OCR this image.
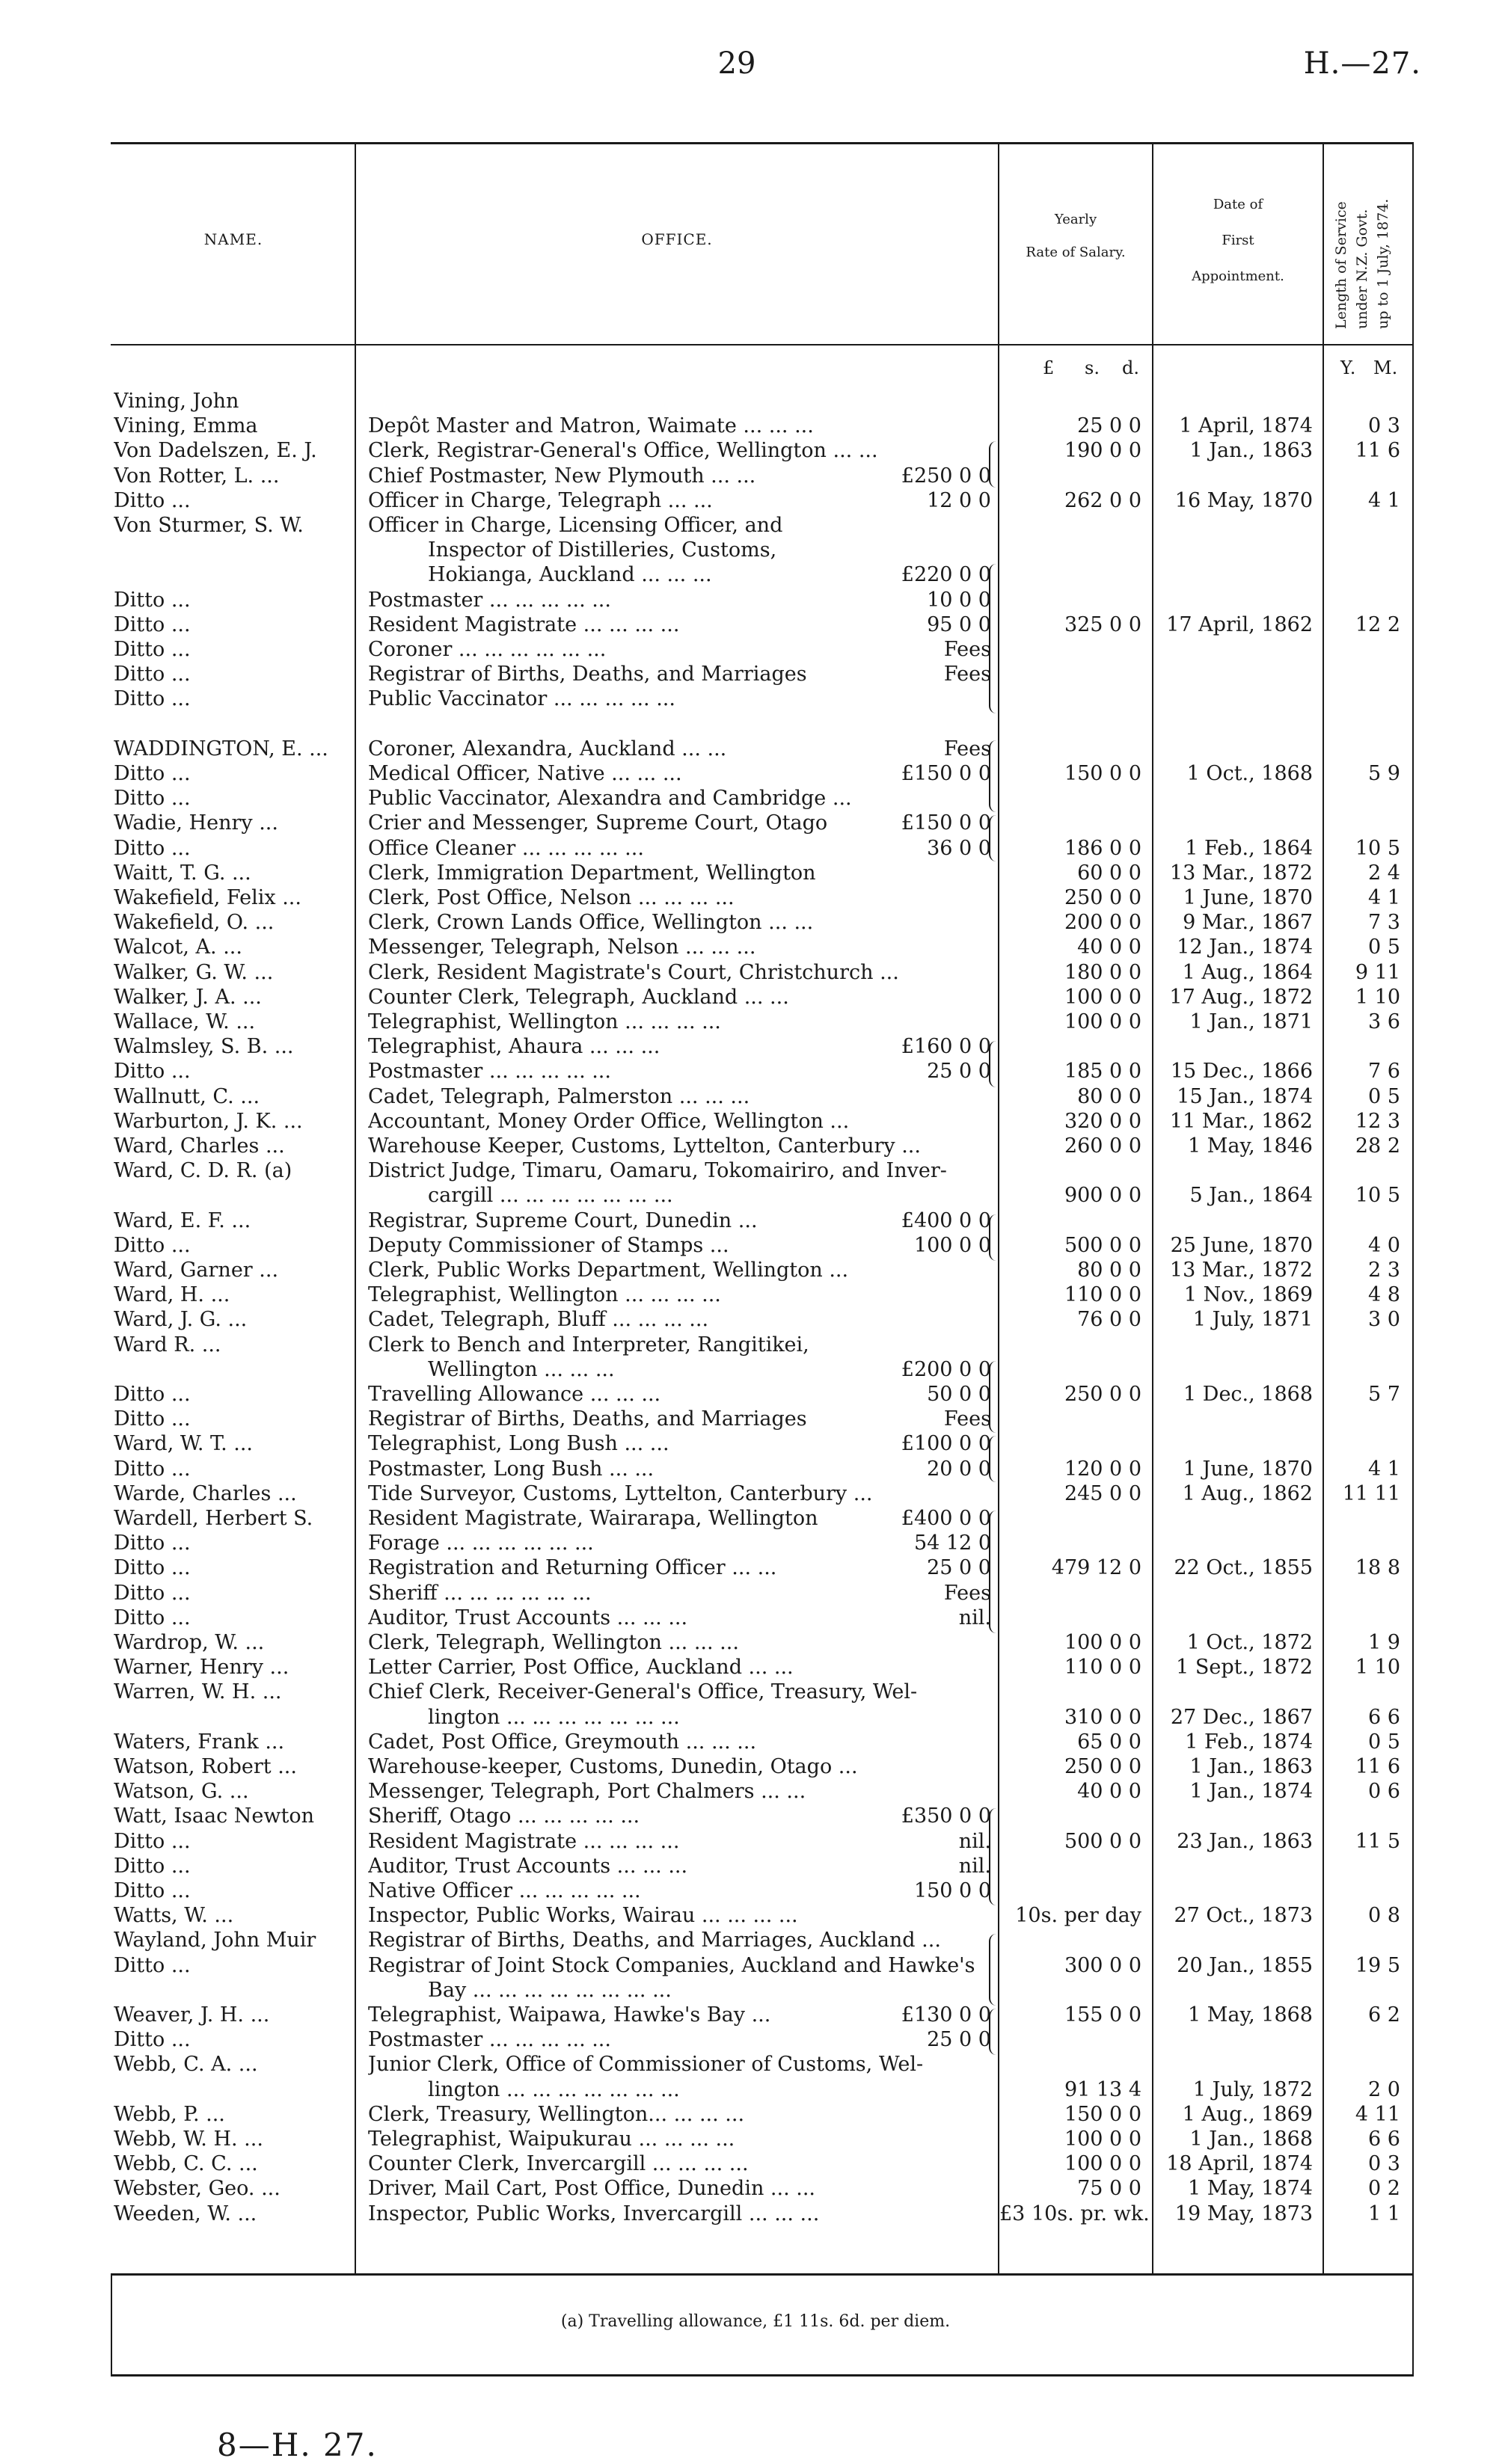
29	H.—27.
NAME.	OFFICE.
Yearly
Rate of Salary.
Date of
First
Appointment.	Length of Service under N.Z. Govt. up to 1 July, 1874.
£ s. d.	Y. M.
Vining, John
Vining, Emma	Depôt Master and Matron, Waimate ... ... ...	25 0 0	1 April, 1874	0 3
Von Dadelszen, E. J.	Clerk, Registrar-General's Office, Wellington ... ...	190 0 0	1 Jan., 1863	11 6
Von Rotter, L. ...	Chief Postmaster, New Plymouth ... ...	£250 0 0
Ditto ...	Officer in Charge, Telegraph ... ...	12 0 0	262 0 0	16 May, 1870	4 1
Von Sturmer, S. W.	Officer in Charge, Licensing Officer, and
Inspector of Distilleries, Customs,
Hokianga, Auckland ... ... ...	£220 0 0
Ditto ...	Postmaster ... ... ... ... ...	10 0 0
Ditto ...	Resident Magistrate ... ... ... ...	95 0 0	325 0 0	17 April, 1862	12 2
Ditto ...	Coroner ... ... ... ... ... ...	Fees
Ditto ...	Registrar of Births, Deaths, and Marriages	Fees
Ditto ...	Public Vaccinator ... ... ... ... ...
WADDINGTON, E. ...	Coroner, Alexandra, Auckland ... ...	Fees
Ditto ...	Medical Officer, Native ... ... ...	£150 0 0	150 0 0	1 Oct., 1868	5 9
Ditto ...	Public Vaccinator, Alexandra and Cambridge ...
Wadie, Henry ...	Crier and Messenger, Supreme Court, Otago	£150 0 0
Ditto ...	Office Cleaner ... ... ... ... ...	36 0 0	186 0 0	1 Feb., 1864	10 5
Waitt, T. G. ...	Clerk, Immigration Department, Wellington	60 0 0	13 Mar., 1872	2 4
Wakefield, Felix ...	Clerk, Post Office, Nelson ... ... ... ...	250 0 0	1 June, 1870	4 1
Wakefield, O. ...	Clerk, Crown Lands Office, Wellington ... ...	200 0 0	9 Mar., 1867	7 3
Walcot, A. ...	Messenger, Telegraph, Nelson ... ... ...	40 0 0	12 Jan., 1874	0 5
Walker, G. W. ...	Clerk, Resident Magistrate's Court, Christchurch ...	180 0 0	1 Aug., 1864	9 11
Walker, J. A. ...	Counter Clerk, Telegraph, Auckland ... ...	100 0 0	17 Aug., 1872	1 10
Wallace, W. ...	Telegraphist, Wellington ... ... ... ...	100 0 0	1 Jan., 1871	3 6
Walmsley, S. B. ...	Telegraphist, Ahaura ... ... ...	£160 0 0
Ditto ...	Postmaster ... ... ... ... ...	25 0 0	185 0 0	15 Dec., 1866	7 6
Wallnutt, C. ...	Cadet, Telegraph, Palmerston ... ... ...	80 0 0	15 Jan., 1874	0 5
Warburton, J. K. ...	Accountant, Money Order Office, Wellington ...	320 0 0	11 Mar., 1862	12 3
Ward, Charles ...	Warehouse Keeper, Customs, Lyttelton, Canterbury ...	260 0 0	1 May, 1846	28 2
Ward, C. D. R. (a)	District Judge, Timaru, Oamaru, Tokomairiro, and Inver-
cargill ... ... ... ... ... ... ...	900 0 0	5 Jan., 1864	10 5
Ward, E. F. ...	Registrar, Supreme Court, Dunedin ...	£400 0 0
Ditto ...	Deputy Commissioner of Stamps ...	100 0 0	500 0 0	25 June, 1870	4 0
Ward, Garner ...	Clerk, Public Works Department, Wellington ...	80 0 0	13 Mar., 1872	2 3
Ward, H. ...	Telegraphist, Wellington ... ... ... ...	110 0 0	1 Nov., 1869	4 8
Ward, J. G. ...	Cadet, Telegraph, Bluff ... ... ... ...	76 0 0	1 July, 1871	3 0
Ward R. ...	Clerk to Bench and Interpreter, Rangitikei,
Wellington ... ... ...	£200 0 0
Ditto ...	Travelling Allowance ... ... ...	50 0 0	250 0 0	1 Dec., 1868	5 7
Ditto ...	Registrar of Births, Deaths, and Marriages	Fees
Ward, W. T. ...	Telegraphist, Long Bush ... ...	£100 0 0
Ditto ...	Postmaster, Long Bush ... ...	20 0 0	120 0 0	1 June, 1870	4 1
Warde, Charles ...	Tide Surveyor, Customs, Lyttelton, Canterbury ...	245 0 0	1 Aug., 1862	11 11
Wardell, Herbert S.	Resident Magistrate, Wairarapa, Wellington	£400 0 0
Ditto ...	Forage ... ... ... ... ... ...	54 12 0
Ditto ...	Registration and Returning Officer ... ...	25 0 0	479 12 0	22 Oct., 1855	18 8
Ditto ...	Sheriff ... ... ... ... ... ...	Fees
Ditto ...	Auditor, Trust Accounts ... ... ...	nil.
Wardrop, W. ...	Clerk, Telegraph, Wellington ... ... ...	100 0 0	1 Oct., 1872	1 9
Warner, Henry ...	Letter Carrier, Post Office, Auckland ... ...	110 0 0	1 Sept., 1872	1 10
Warren, W. H. ...	Chief Clerk, Receiver-General's Office, Treasury, Wel-
lington ... ... ... ... ... ... ...	310 0 0	27 Dec., 1867	6 6
Waters, Frank ...	Cadet, Post Office, Greymouth ... ... ...	65 0 0	1 Feb., 1874	0 5
Watson, Robert ...	Warehouse-keeper, Customs, Dunedin, Otago ...	250 0 0	1 Jan., 1863	11 6
Watson, G. ...	Messenger, Telegraph, Port Chalmers ... ...	40 0 0	1 Jan., 1874	0 6
Watt, Isaac Newton	Sheriff, Otago ... ... ... ... ...	£350 0 0
Ditto ...	Resident Magistrate ... ... ... ...	nil.	500 0 0	23 Jan., 1863	11 5
Ditto ...	Auditor, Trust Accounts ... ... ...	nil.
Ditto ...	Native Officer ... ... ... ... ...	150 0 0
Watts, W. ...	Inspector, Public Works, Wairau ... ... ... ...	10s. per day	27 Oct., 1873	0 8
Wayland, John Muir	Registrar of Births, Deaths, and Marriages, Auckland ...
Ditto ...	Registrar of Joint Stock Companies, Auckland and Hawke's	300 0 0	20 Jan., 1855	19 5
Bay ... ... ... ... ... ... ... ...
Weaver, J. H. ...	Telegraphist, Waipawa, Hawke's Bay ...	£130 0 0	155 0 0	1 May, 1868	6 2
Ditto ...	Postmaster ... ... ... ... ...	25 0 0
Webb, C. A. ...	Junior Clerk, Office of Commissioner of Customs, Wel-
lington ... ... ... ... ... ... ...	91 13 4	1 July, 1872	2 0
Webb, P. ...	Clerk, Treasury, Wellington... ... ... ...	150 0 0	1 Aug., 1869	4 11
Webb, W. H. ...	Telegraphist, Waipukurau ... ... ... ...	100 0 0	1 Jan., 1868	6 6
Webb, C. C. ...	Counter Clerk, Invercargill ... ... ... ...	100 0 0	18 April, 1874	0 3
Webster, Geo. ...	Driver, Mail Cart, Post Office, Dunedin ... ...	75 0 0	1 May, 1874	0 2
Weeden, W. ...	Inspector, Public Works, Invercargill ... ... ...	£3 10s. pr. wk.	19 May, 1873	1 1
(a) Travelling allowance, £1 11s. 6d. per diem.
8—H. 27.
